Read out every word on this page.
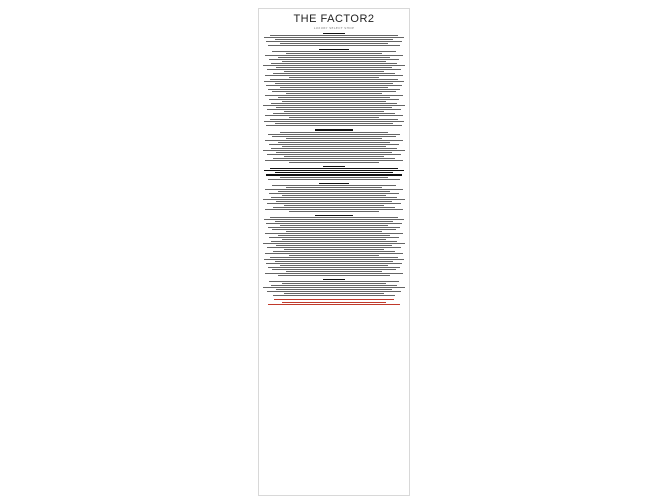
THE FACTOR2
LUXURY SELECT SHOP
